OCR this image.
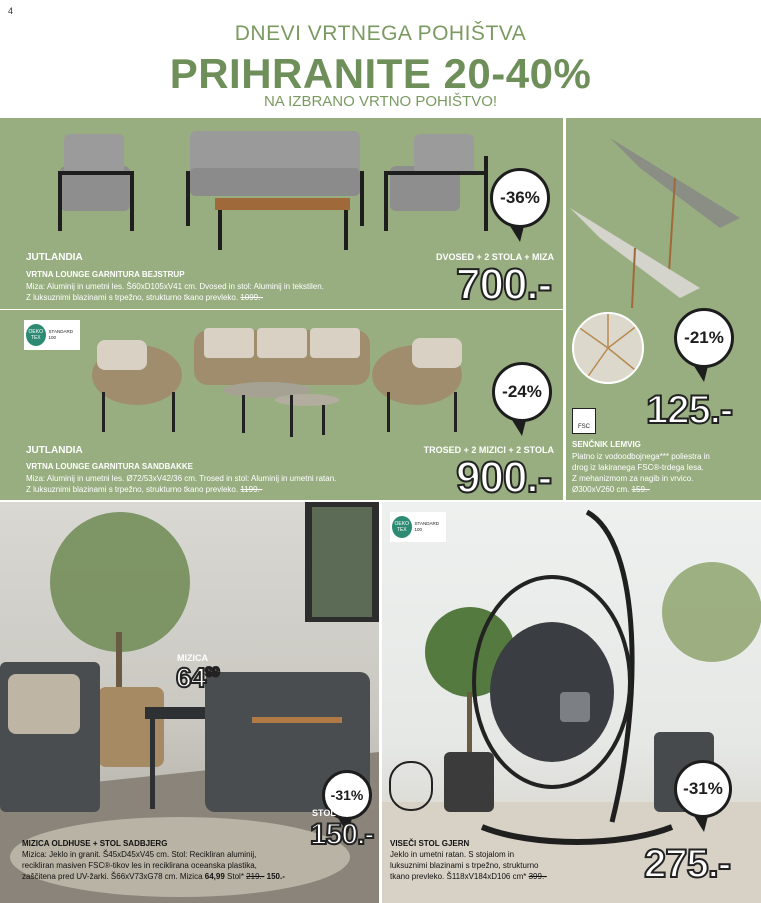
4
DNEVI VRTNEGA POHIŠTVA
PRIHRANITE 20-40%
NA IZBRANO VRTNO POHIŠTVO!
-36%
JUTLANDIA
VRTNA LOUNGE GARNITURA BEJSTRUP
Miza: Aluminij in umetni les. Š60xD105xV41 cm. Dvosed in stol: Aluminij in tekstilen.
Z luksuznimi blazinami s trpežno, strukturno tkano prevleko. 1099.-
DVOSED + 2 STOLA + MIZA
700.-
OEKO TEX
STANDARD 100
-24%
JUTLANDIA
VRTNA LOUNGE GARNITURA SANDBAKKE
Miza: Aluminij in umetni les. Ø72/53xV42/36 cm. Trosed in stol: Aluminij in umetni ratan.
Z luksuznimi blazinami s trpežno, strukturno tkano prevleko. 1199.-
TROSED + 2 MIZICI + 2 STOLA
900.-
-21%
125.-
FSC
SENČNIK LEMVIG
Platno iz vodoodbojnega*** poliestra in
drog iz lakiranega FSC®-trdega lesa.
Z mehanizmom za nagib in vrvico.
Ø300xV260 cm. 159.-
MIZICA
$64^{99}$
-31%
STOL
150.-
MIZICA OLDHUSE + STOL SADBJERG
Mizica: Jeklo in granit. Š45xD45xV45 cm. Stol: Recikliran aluminij,
recikliran masiven FSC®-tikov les in reciklirana oceanska plastika,
zaščitena pred UV-žarki. Š66xV73xG78 cm. Mizica 64,99 Stol* 219.- 150.-
OEKO TEX
STANDARD 100
-31%
275.-
VISEČI STOL GJERN
Jeklo in umetni ratan. S stojalom in
luksuznimi blazinami s trpežno, strukturno
tkano prevleko. Š118xV184xD106 cm* 399.-
